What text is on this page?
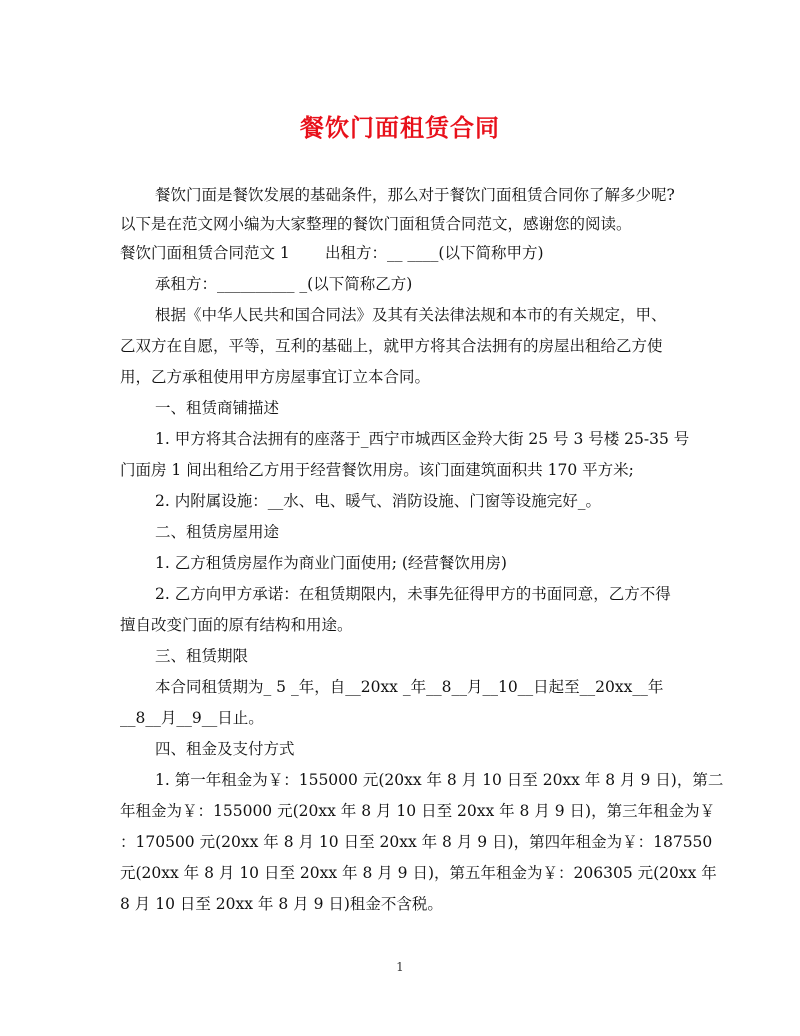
餐饮门面租赁合同
餐饮门面是餐饮发展的基础条件，那么对于餐饮门面租赁合同你了解多少呢?
以下是在范文网小编为大家整理的餐饮门面租赁合同范文，感谢您的阅读。
餐饮门面租赁合同范文 1 出租方：__ ____(以下简称甲方)
承租方：__________ _(以下简称乙方)
根据《中华人民共和国合同法》及其有关法律法规和本市的有关规定，甲、
乙双方在自愿，平等，互利的基础上，就甲方将其合法拥有的房屋出租给乙方使
用，乙方承租使用甲方房屋事宜订立本合同。
一、租赁商铺描述
1. 甲方将其合法拥有的座落于_西宁市城西区金羚大街 25 号 3 号楼 25-35 号
门面房 1 间出租给乙方用于经营餐饮用房。该门面建筑面积共 170 平方米;
2. 内附属设施：__水、电、暖气、消防设施、门窗等设施完好_。
二、租赁房屋用途
1. 乙方租赁房屋作为商业门面使用; (经营餐饮用房)
2. 乙方向甲方承诺：在租赁期限内，未事先征得甲方的书面同意，乙方不得
擅自改变门面的原有结构和用途。
三、租赁期限
本合同租赁期为_ 5 _年，自__20xx _年__8__月__10__日起至__20xx__年
__8__月__9__日止。
四、租金及支付方式
1. 第一年租金为￥：155000 元(20xx 年 8 月 10 日至 20xx 年 8 月 9 日)，第二
年租金为￥：155000 元(20xx 年 8 月 10 日至 20xx 年 8 月 9 日)，第三年租金为￥
：170500 元(20xx 年 8 月 10 日至 20xx 年 8 月 9 日)，第四年租金为￥：187550
元(20xx 年 8 月 10 日至 20xx 年 8 月 9 日)，第五年租金为￥：206305 元(20xx 年
8 月 10 日至 20xx 年 8 月 9 日)租金不含税。
1
